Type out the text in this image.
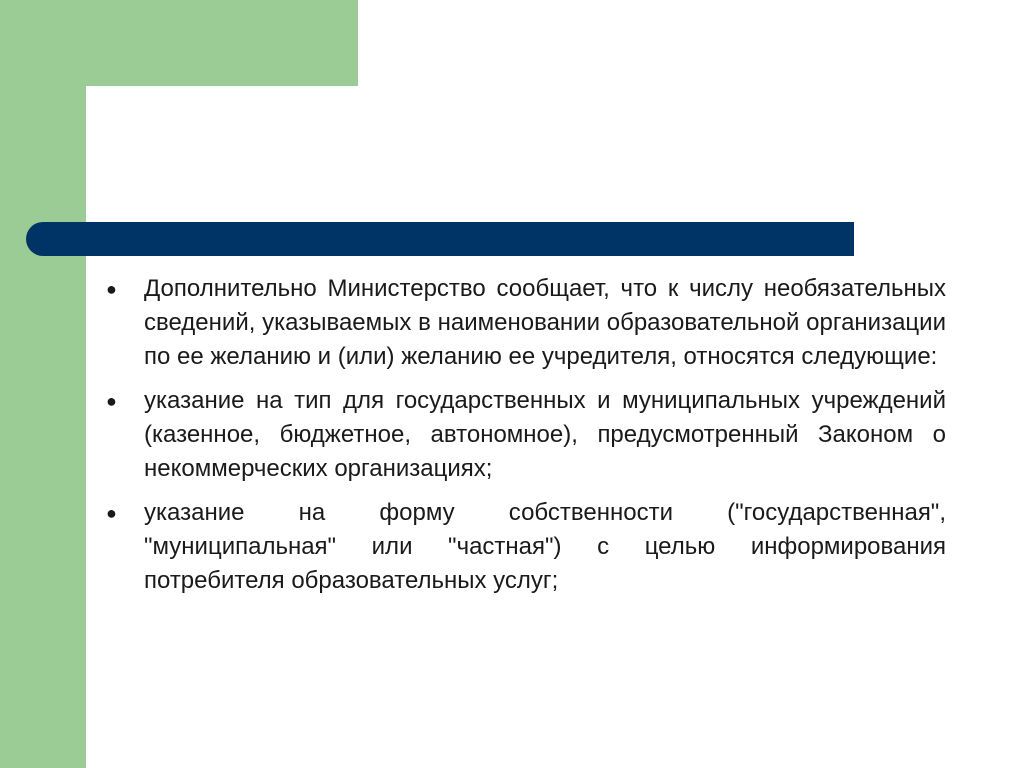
●	Дополнительно Министерство сообщает, что к числу необязательных сведений, указываемых в наименовании образовательной организации по ее желанию и (или) желанию ее учредителя, относятся следующие:
●	указание на тип для государственных и муниципальных учреждений (казенное, бюджетное, автономное), предусмотренный Законом о некоммерческих организациях;
●	указание на форму собственности ("государственная", "муниципальная" или "частная") с целью информирования потребителя образовательных услуг;
